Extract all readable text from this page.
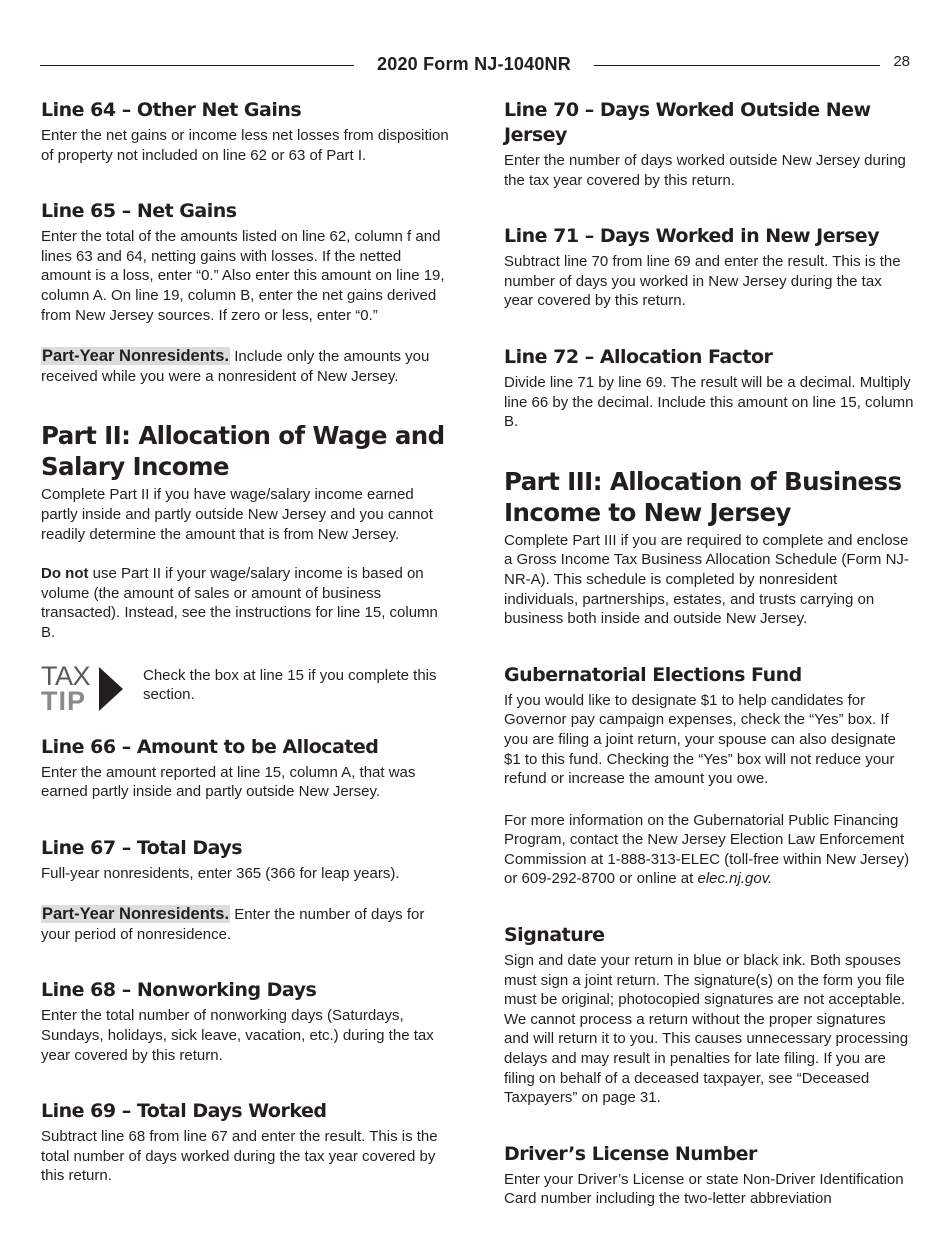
2020 Form NJ-1040NR	28
Line 64 – Other Net Gains

Enter the net gains or income less net losses from disposition of property not included on line 62 or 63 of Part I.

Line 65 – Net Gains

Enter the total of the amounts listed on line 62, column f and lines 63 and 64, netting gains with losses. If the netted amount is a loss, enter “0.” Also enter this amount on line 19, column A. On line 19, column B, enter the net gains derived from New Jersey sources. If zero or less, enter “0.”

Part-Year Nonresidents. Include only the amounts you received while you were a nonresident of New Jersey.

Part II: Allocation of Wage and Salary Income

Complete Part II if you have wage/salary income earned partly inside and partly outside New Jersey and you cannot readily determine the amount that is from New Jersey.

Do not use Part II if your wage/salary income is based on volume (the amount of sales or amount of business transacted). Instead, see the instructions for line 15, column B.

TAX
TIP

Check the box at line 15 if you complete this section.

Line 66 – Amount to be Allocated

Enter the amount reported at line 15, column A, that was earned partly inside and partly outside New Jersey.

Line 67 – Total Days

Full-year nonresidents, enter 365 (366 for leap years).

Part-Year Nonresidents. Enter the number of days for your period of nonresidence.

Line 68 – Nonworking Days

Enter the total number of nonworking days (Saturdays, Sundays, holidays, sick leave, vacation, etc.) during the tax year covered by this return.

Line 69 – Total Days Worked

Subtract line 68 from line 67 and enter the result. This is the total number of days worked during the tax year covered by this return.

Line 70 – Days Worked Outside New Jersey

Enter the number of days worked outside New Jersey during the tax year covered by this return.

Line 71 – Days Worked in New Jersey

Subtract line 70 from line 69 and enter the result. This is the number of days you worked in New Jersey during the tax year covered by this return.

Line 72 – Allocation Factor

Divide line 71 by line 69. The result will be a decimal. Multiply line 66 by the decimal. Include this amount on line 15, column B.

Part III: Allocation of Business Income to New Jersey

Complete Part III if you are required to complete and enclose a Gross Income Tax Business Allocation Schedule (Form NJ-NR-A). This schedule is completed by nonresident individuals, partnerships, estates, and trusts carrying on business both inside and outside New Jersey.

Gubernatorial Elections Fund

If you would like to designate $1 to help candidates for Governor pay campaign expenses, check the “Yes” box. If you are filing a joint return, your spouse can also designate $1 to this fund. Checking the “Yes” box will not reduce your refund or increase the amount you owe.

For more information on the Gubernatorial Public Financing Program, contact the New Jersey Election Law Enforcement Commission at 1-888-313-ELEC (toll-free within New Jersey) or 609-292-8700 or online at elec.nj.gov.

Signature

Sign and date your return in blue or black ink. Both spouses must sign a joint return. The signature(s) on the form you file must be original; photocopied signatures are not acceptable. We cannot process a return without the proper signatures and will return it to you. This causes unnecessary processing delays and may result in penalties for late filing. If you are filing on behalf of a deceased taxpayer, see “Deceased Taxpayers” on page 31.

Driver’s License Number

Enter your Driver’s License or state Non-Driver Identification Card number including the two-letter abbreviation
